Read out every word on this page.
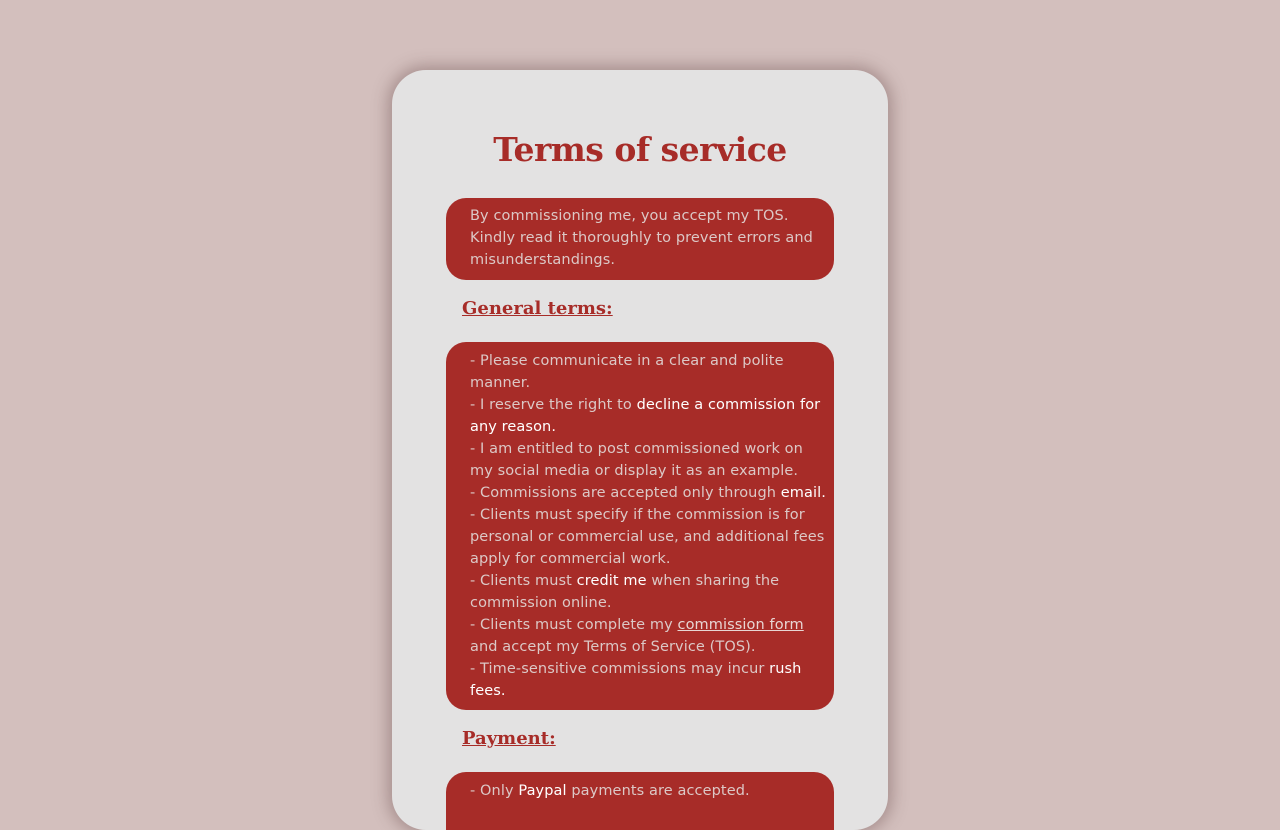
Terms of service
By commissioning me, you accept my TOS.
Kindly read it thoroughly to prevent errors and misunderstandings.
General terms:
- Please communicate in a clear and polite manner.
- I reserve the right to decline a commission for any reason.
- I am entitled to post commissioned work on my social media or display it as an example.
- Commissions are accepted only through email.
- Clients must specify if the commission is for personal or commercial use, and additional fees apply for commercial work.
- Clients must credit me when sharing the commission online.
- Clients must complete my commission form and accept my Terms of Service (TOS).
- Time-sensitive commissions may incur rush fees.
Payment:
- Only Paypal payments are accepted.
